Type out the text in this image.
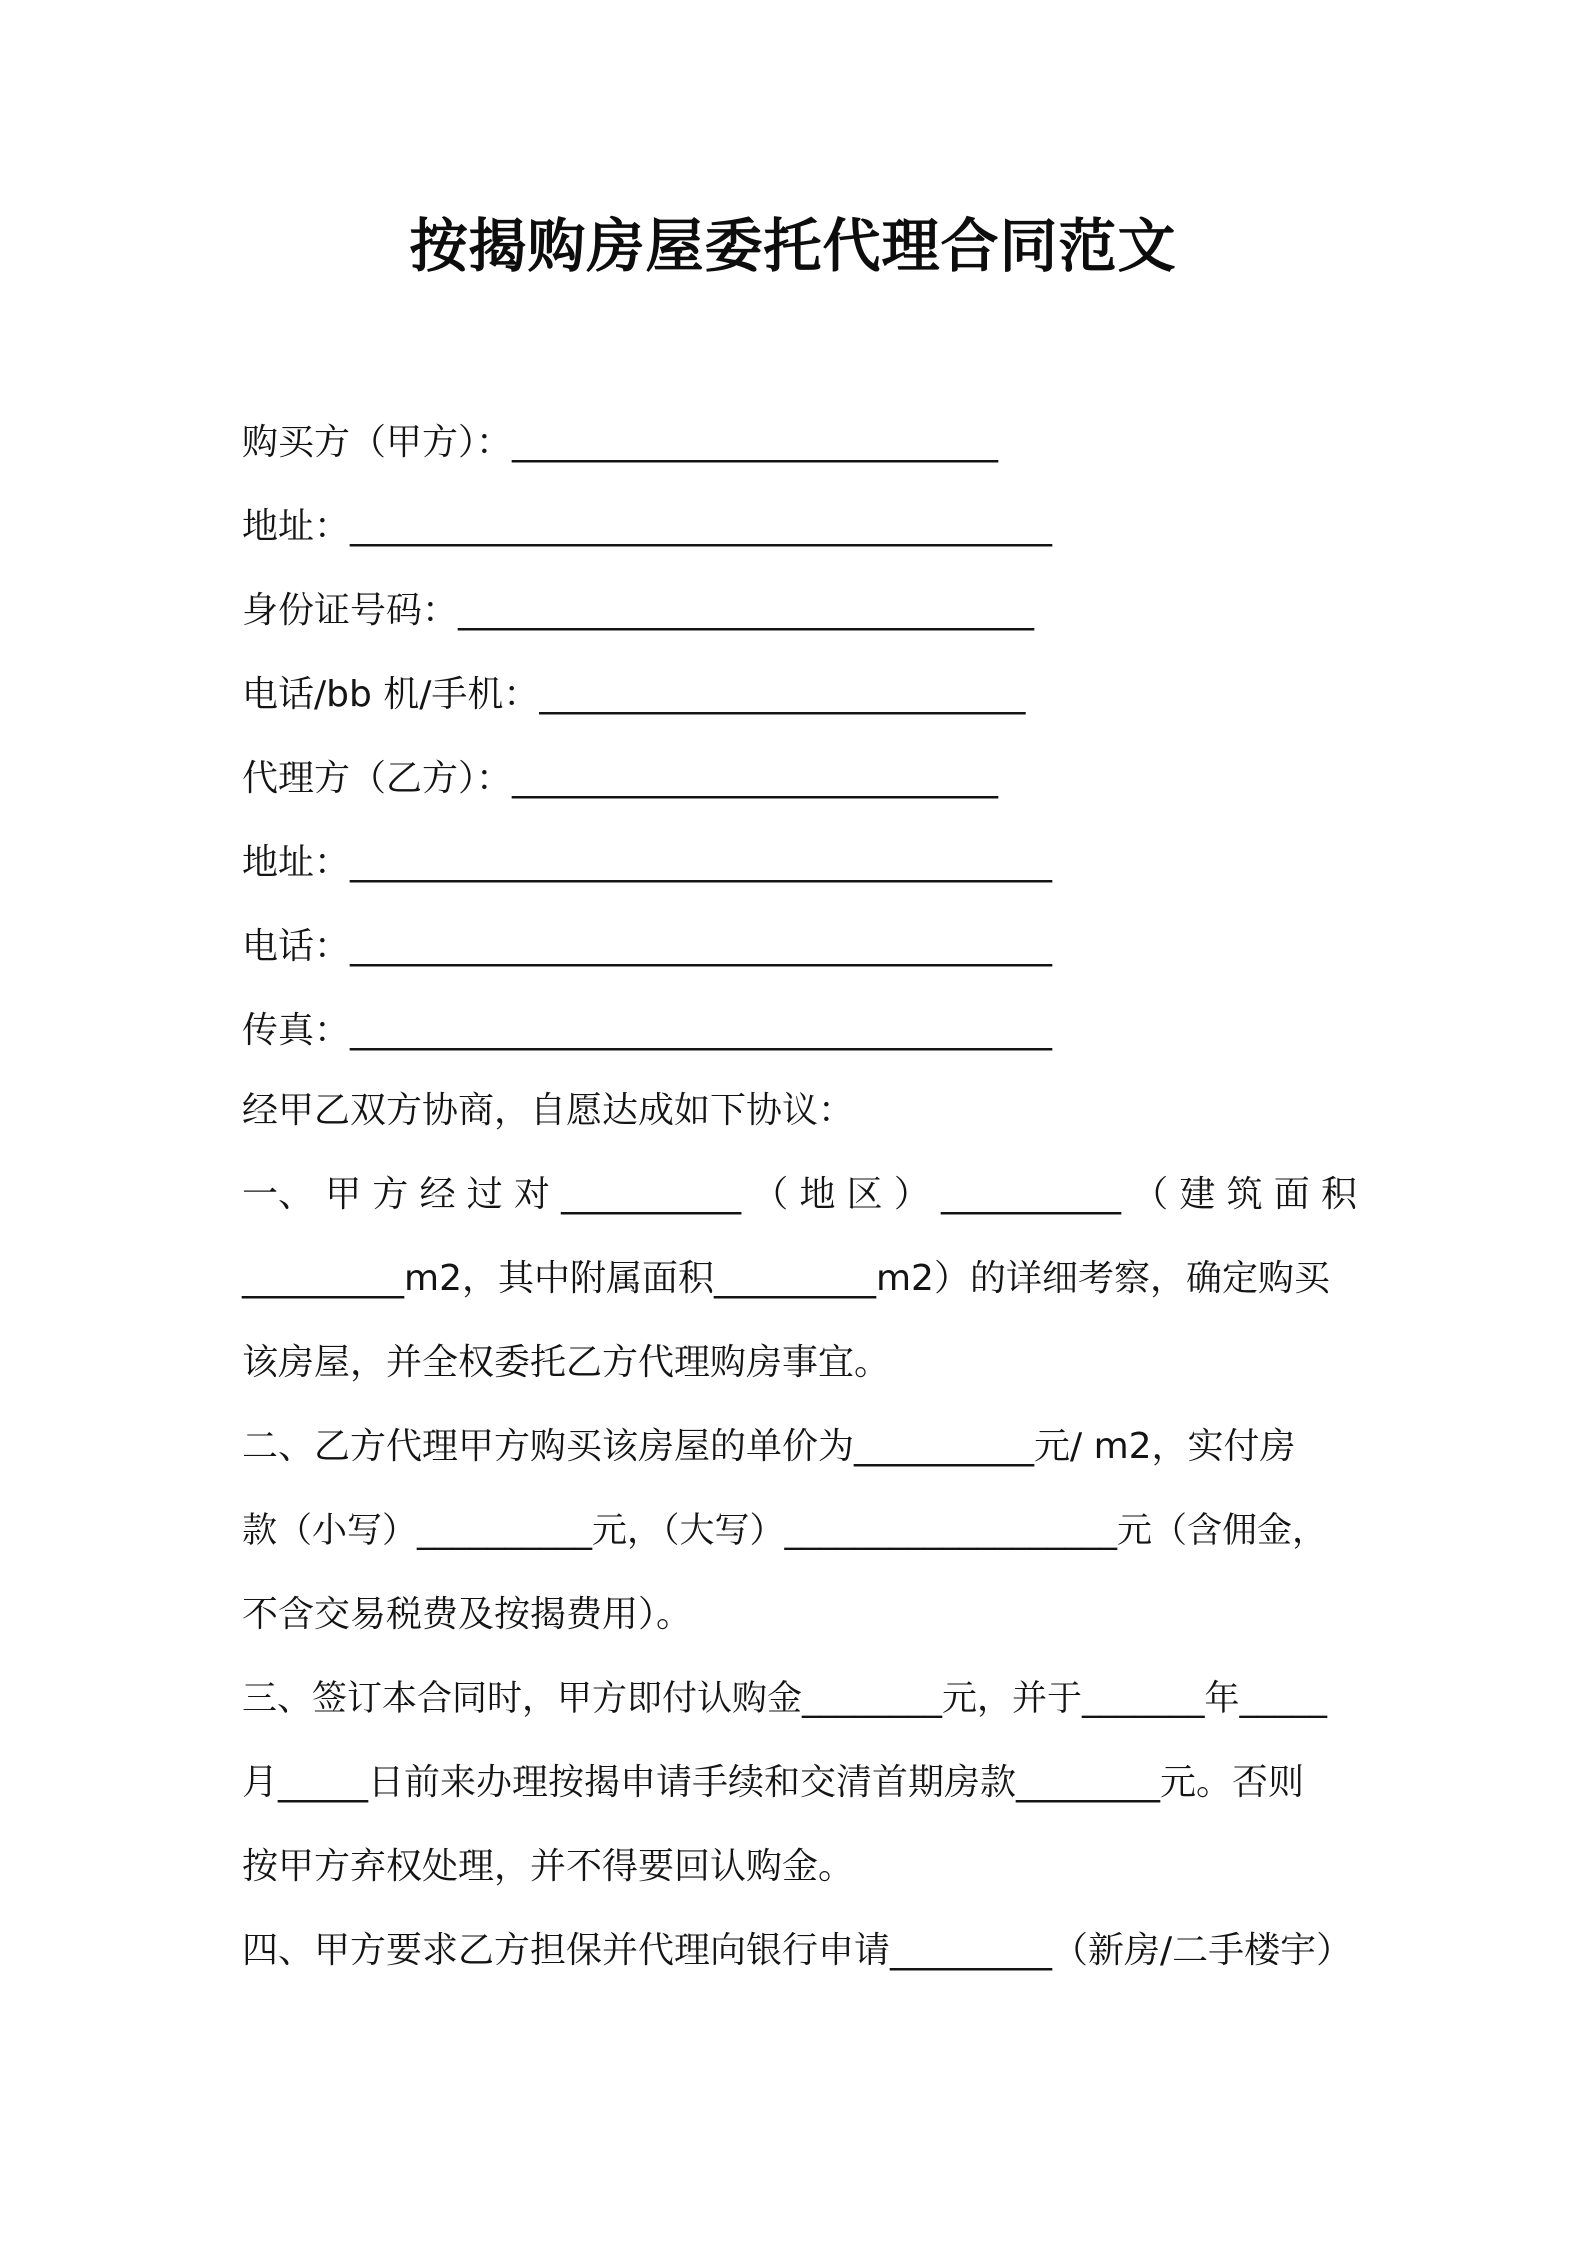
按揭购房屋委托代理合同范文
购买方（甲方）：___________________________
地址：_______________________________________
身份证号码：________________________________
电话/bb 机/手机：___________________________
代理方（乙方）：___________________________
地址：_______________________________________
电话：_______________________________________
传真：_______________________________________
经甲乙双方协商，自愿达成如下协议：
一、 甲 方 经 过 对 __________ （ 地 区 ） __________ （ 建 筑 面 积
_________m2，其中附属面积_________m2）的详细考察，确定购买
该房屋，并全权委托乙方代理购房事宜。
二、乙方代理甲方购买该房屋的单价为__________元/ m2，实付房
款（小写）__________元，（大写）___________________元（含佣金，
不含交易税费及按揭费用）。
三、签订本合同时，甲方即付认购金________元，并于_______年_____
月_____日前来办理按揭申请手续和交清首期房款________元。否则
按甲方弃权处理，并不得要回认购金。
四、甲方要求乙方担保并代理向银行申请_________（新房/二手楼宇）
